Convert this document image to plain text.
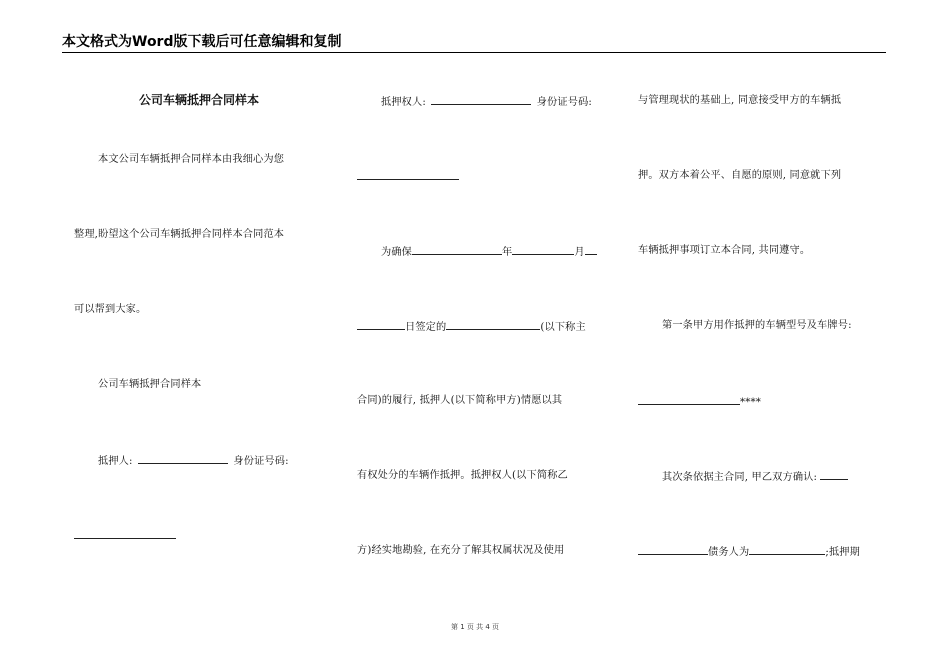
本文格式为Word版下载后可任意编辑和复制
公司车辆抵押合同样本
本文公司车辆抵押合同样本由我细心为您
整理,盼望这个公司车辆抵押合同样本合同范本
可以帮到大家。
公司车辆抵押合同样本
抵押人:	身份证号码:
抵押权人:	身份证号码:
为确保	年	月
日签定的	(以下称主
合同)的履行, 抵押人(以下简称甲方)情愿以其
有权处分的车辆作抵押。抵押权人(以下简称乙
方)经实地勘验, 在充分了解其权属状况及使用
与管理现状的基础上, 同意接受甲方的车辆抵
押。双方本着公平、自愿的原则, 同意就下列
车辆抵押事项订立本合同, 共同遵守。
第一条甲方用作抵押的车辆型号及车牌号:
****
其次条依据主合同, 甲乙双方确认:
债务人为	;抵押期
第 1 页 共 4 页
